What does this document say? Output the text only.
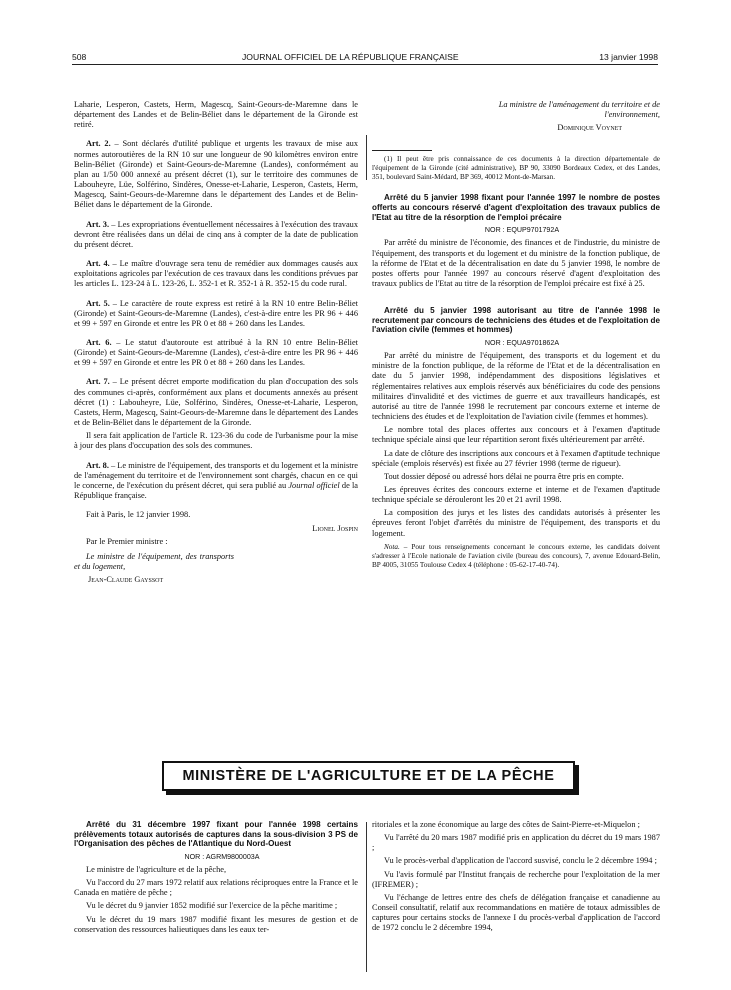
508	JOURNAL OFFICIEL DE LA RÉPUBLIQUE FRANÇAISE	13 janvier 1998

Laharie, Lesperon, Castets, Herm, Magescq, Saint-Geours-de-Maremne dans le département des Landes et de Belin-Béliet dans le département de la Gironde est retiré.

Art. 2. – Sont déclarés d'utilité publique et urgents les travaux de mise aux normes autoroutières de la RN 10 sur une longueur de 90 kilomètres environ entre Belin-Béliet (Gironde) et Saint-Geours-de-Maremne (Landes), conformément au plan au 1/50 000 annexé au présent décret (1), sur le territoire des communes de Labouheyre, Lüe, Solférino, Sindères, Onesse-et-Laharie, Lesperon, Castets, Herm, Magescq, Saint-Geours-de-Maremne dans le département des Landes et de Belin-Béliet dans le département de la Gironde.

Art. 3. – Les expropriations éventuellement nécessaires à l'exécution des travaux devront être réalisées dans un délai de cinq ans à compter de la date de publication du présent décret.

Art. 4. – Le maître d'ouvrage sera tenu de remédier aux dommages causés aux exploitations agricoles par l'exécution de ces travaux dans les conditions prévues par les articles L. 123-24 à L. 123-26, L. 352-1 et R. 352-1 à R. 352-15 du code rural.

Art. 5. – Le caractère de route express est retiré à la RN 10 entre Belin-Béliet (Gironde) et Saint-Geours-de-Maremne (Landes), c'est-à-dire entre les PR 96 + 446 et 99 + 597 en Gironde et entre les PR 0 et 88 + 260 dans les Landes.

Art. 6. – Le statut d'autoroute est attribué à la RN 10 entre Belin-Béliet (Gironde) et Saint-Geours-de-Maremne (Landes), c'est-à-dire entre les PR 96 + 446 et 99 + 597 en Gironde et entre les PR 0 et 88 + 260 dans les Landes.

Art. 7. – Le présent décret emporte modification du plan d'occupation des sols des communes ci-après, conformément aux plans et documents annexés au présent décret (1) : Labouheyre, Lüe, Solférino, Sindères, Onesse-et-Laharie, Lesperon, Castets, Herm, Magescq, Saint-Geours-de-Maremne dans le département des Landes et de Belin-Béliet dans le département de la Gironde.

Il sera fait application de l'article R. 123-36 du code de l'urbanisme pour la mise à jour des plans d'occupation des sols des communes.

Art. 8. – Le ministre de l'équipement, des transports et du logement et la ministre de l'aménagement du territoire et de l'environnement sont chargés, chacun en ce qui le concerne, de l'exécution du présent décret, qui sera publié au Journal officiel de la République française.

Fait à Paris, le 12 janvier 1998.

Lionel Jospin

Par le Premier ministre :

Le ministre de l'équipement, des transports et du logement,

Jean-Claude Gayssot

La ministre de l'aménagement du territoire et de l'environnement,

Dominique Voynet

(1) Il peut être pris connaissance de ces documents à la direction départementale de l'équipement de la Gironde (cité administrative), BP 90, 33090 Bordeaux Cedex, et des Landes, 351, boulevard Saint-Médard, BP 369, 40012 Mont-de-Marsan.

Arrêté du 5 janvier 1998 fixant pour l'année 1997 le nombre de postes offerts au concours réservé d'agent d'exploitation des travaux publics de l'Etat au titre de la résorption de l'emploi précaire

NOR : EQUP9701792A

Par arrêté du ministre de l'économie, des finances et de l'industrie, du ministre de l'équipement, des transports et du logement et du ministre de la fonction publique, de la réforme de l'Etat et de la décentralisation en date du 5 janvier 1998, le nombre de postes offerts pour l'année 1997 au concours réservé d'agent d'exploitation des travaux publics de l'Etat au titre de la résorption de l'emploi précaire est fixé à 25.

Arrêté du 5 janvier 1998 autorisant au titre de l'année 1998 le recrutement par concours de techniciens des études et de l'exploitation de l'aviation civile (femmes et hommes)

NOR : EQUA9701862A

Par arrêté du ministre de l'équipement, des transports et du logement et du ministre de la fonction publique, de la réforme de l'Etat et de la décentralisation en date du 5 janvier 1998, indépendamment des dispositions législatives et réglementaires relatives aux emplois réservés aux bénéficiaires du code des pensions militaires d'invalidité et des victimes de guerre et aux travailleurs handicapés, est autorisé au titre de l'année 1998 le recrutement par concours externe et interne de techniciens des études et de l'exploitation de l'aviation civile (femmes et hommes).

Le nombre total des places offertes aux concours et à l'examen d'aptitude technique spéciale ainsi que leur répartition seront fixés ultérieurement par arrêté.

La date de clôture des inscriptions aux concours et à l'examen d'aptitude technique spéciale (emplois réservés) est fixée au 27 février 1998 (terme de rigueur).

Tout dossier déposé ou adressé hors délai ne pourra être pris en compte.

Les épreuves écrites des concours externe et interne et de l'examen d'aptitude technique spéciale se dérouleront les 20 et 21 avril 1998.

La composition des jurys et les listes des candidats autorisés à présenter les épreuves feront l'objet d'arrêtés du ministre de l'équipement, des transports et du logement.

Nota. – Pour tous renseignements concernant le concours externe, les candidats doivent s'adresser à l'Ecole nationale de l'aviation civile (bureau des concours), 7, avenue Edouard-Belin, BP 4005, 31055 Toulouse Cedex 4 (téléphone : 05-62-17-40-74).

MINISTÈRE DE L'AGRICULTURE ET DE LA PÊCHE

Arrêté du 31 décembre 1997 fixant pour l'année 1998 certains prélèvements totaux autorisés de captures dans la sous-division 3 PS de l'Organisation des pêches de l'Atlantique du Nord-Ouest

NOR : AGRM9800003A

Le ministre de l'agriculture et de la pêche,

Vu l'accord du 27 mars 1972 relatif aux relations réciproques entre la France et le Canada en matière de pêche ;

Vu le décret du 9 janvier 1852 modifié sur l'exercice de la pêche maritime ;

Vu le décret du 19 mars 1987 modifié fixant les mesures de gestion et de conservation des ressources halieutiques dans les eaux ter-

ritoriales et la zone économique au large des côtes de Saint-Pierre-et-Miquelon ;

Vu l'arrêté du 20 mars 1987 modifié pris en application du décret du 19 mars 1987 ;

Vu le procès-verbal d'application de l'accord susvisé, conclu le 2 décembre 1994 ;

Vu l'avis formulé par l'Institut français de recherche pour l'exploitation de la mer (IFREMER) ;

Vu l'échange de lettres entre des chefs de délégation française et canadienne au Conseil consultatif, relatif aux recommandations en matière de totaux admissibles de captures pour certains stocks de l'annexe I du procès-verbal d'application de l'accord de 1972 conclu le 2 décembre 1994,
